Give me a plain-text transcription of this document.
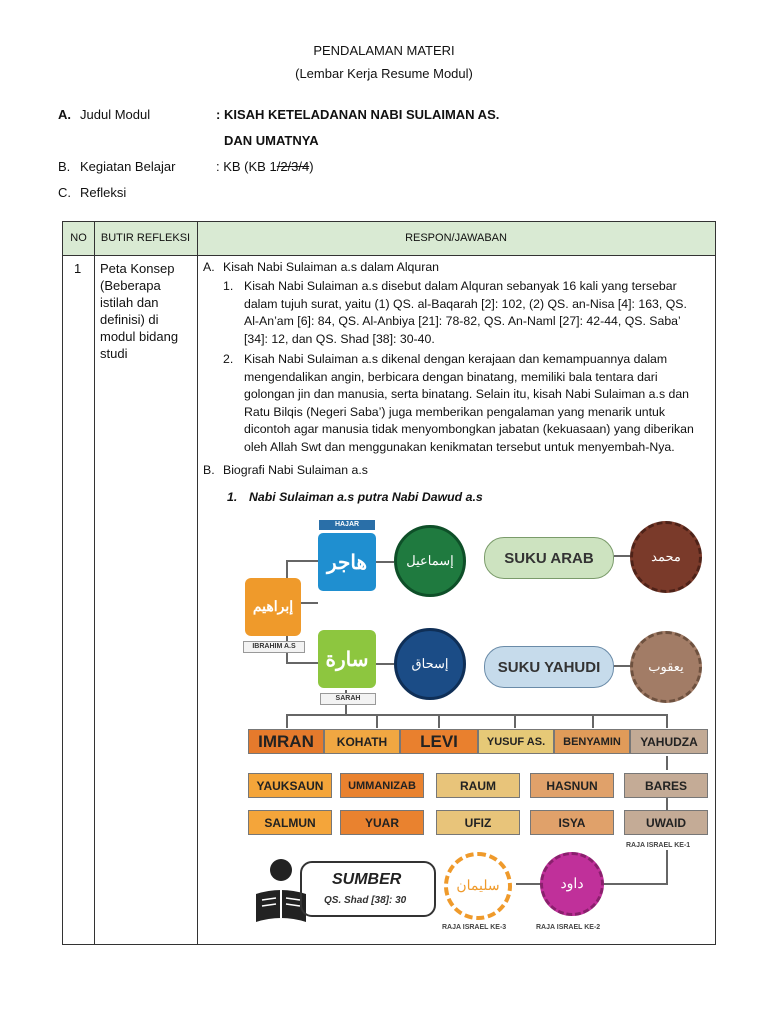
PENDALAMAN MATERI
(Lembar Kerja Resume Modul)
A. Judul Modul	: KISAH KETELADANAN NABI SULAIMAN AS.
DAN UMATNYA
B. Kegiatan Belajar	: KB (KB 1/2/3/4)
C. Refleksi
NO	BUTIR REFLEKSI	RESPON/JAWABAN
1 Peta Konsep
(Beberapa
istilah dan
definisi) di
modul bidang
studi
A. Kisah Nabi Sulaiman a.s dalam Alquran
1. Kisah Nabi Sulaiman a.s disebut dalam Alquran sebanyak 16 kali yang tersebar
dalam tujuh surat, yaitu (1) QS. al-Baqarah [2]: 102, (2) QS. an-Nisa [4]: 163, QS.
Al-An’am [6]: 84, QS. Al-Anbiya [21]: 78-82, QS. An-Naml [27]: 42-44, QS. Saba’
[34]: 12, dan QS. Shad [38]: 30-40.
2. Kisah Nabi Sulaiman a.s dikenal dengan kerajaan dan kemampuannya dalam
mengendalikan angin, berbicara dengan binatang, memiliki bala tentara dari
golongan jin dan manusia, serta binatang. Selain itu, kisah Nabi Sulaiman a.s dan
Ratu Bilqis (Negeri Saba’) juga memberikan pengalaman yang menarik untuk
dicontoh agar manusia tidak menyombongkan jabatan (kekuasaan) yang diberikan
oleh Allah Swt dan menggunakan kenikmatan tersebut untuk menyembah-Nya.
B. Biografi Nabi Sulaiman a.s
1. Nabi Sulaiman a.s putra Nabi Dawud a.s
HAJAR
هاجر
إبراهيم
IBRAHIM A.S
سارة
SARAH
إسماعيل
إسحاق
SUKU ARAB
SUKU YAHUDI
محمد
يعقوب
IMRAN	KOHATH	LEVI	YUSUF AS.	BENYAMIN	YAHUDZA
YAUKSAUN	UMMANIZAB	RAUM	HASNUN	BARES
SALMUN	YUAR	UFIZ	ISYA	UWAID
RAJA ISRAEL KE-1
SUMBER
QS. Shad [38]: 30
سليمان	داود
RAJA ISRAEL KE-3	RAJA ISRAEL KE-2
